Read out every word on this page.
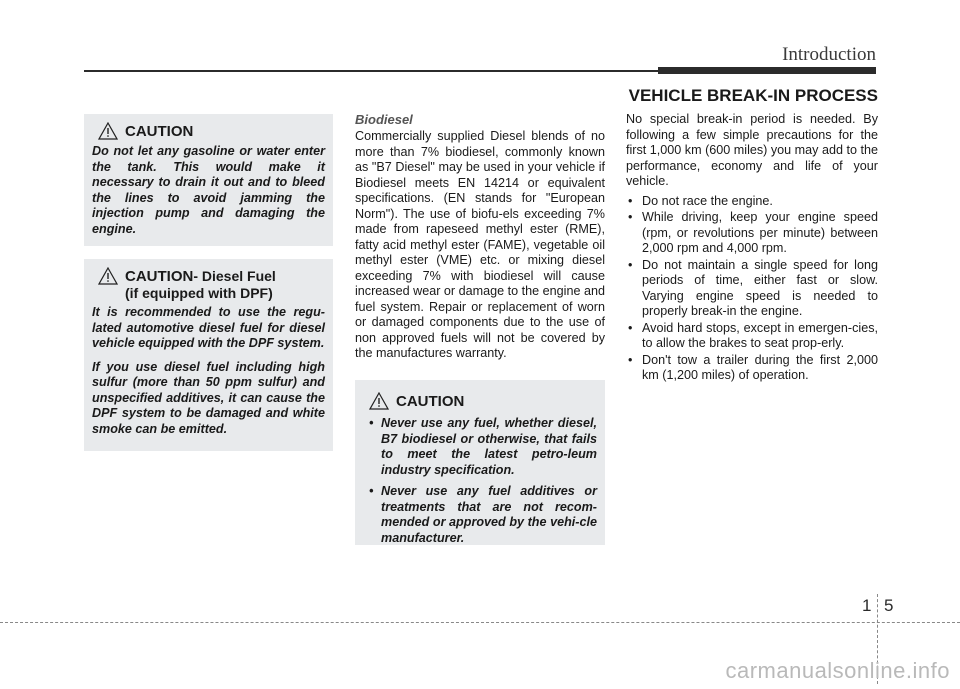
Introduction
VEHICLE BREAK-IN PROCESS
CAUTION

Do not let any gasoline or water enter the tank. This would make it necessary to drain it out and to bleed the lines to avoid jamming the injection pump and damaging the engine.

CAUTION - Diesel Fuel
(if equipped with DPF)

It is recommended to use the regu-lated automotive diesel fuel for diesel vehicle equipped with the DPF system.

If you use diesel fuel including high sulfur (more than 50 ppm sulfur) and unspecified additives, it can cause the DPF system to be damaged and white smoke can be emitted.

Biodiesel

Commercially supplied Diesel blends of no more than 7% biodiesel, commonly known as "B7 Diesel" may be used in your vehicle if Biodiesel meets EN 14214 or equivalent specifications. (EN stands for "European Norm"). The use of biofu-els exceeding 7% made from rapeseed methyl ester (RME), fatty acid methyl ester (FAME), vegetable oil methyl ester (VME) etc. or mixing diesel exceeding 7% with biodiesel will cause increased wear or damage to the engine and fuel system. Repair or replacement of worn or damaged components due to the use of non approved fuels will not be covered by the manufactures warranty.

CAUTION
• Never use any fuel, whether diesel, B7 biodiesel or otherwise, that fails to meet the latest petro-leum industry specification.
• Never use any fuel additives or treatments that are not recom-mended or approved by the vehi-cle manufacturer.

No special break-in period is needed. By following a few simple precautions for the first 1,000 km (600 miles) you may add to the performance, economy and life of your vehicle.

• Do not race the engine.
• While driving, keep your engine speed (rpm, or revolutions per minute) between 2,000 rpm and 4,000 rpm.
• Do not maintain a single speed for long periods of time, either fast or slow. Varying engine speed is needed to properly break-in the engine.
• Avoid hard stops, except in emergen-cies, to allow the brakes to seat prop-erly.
• Don't tow a trailer during the first 2,000 km (1,200 miles) of operation.
1 5
carmanualsonline.info
